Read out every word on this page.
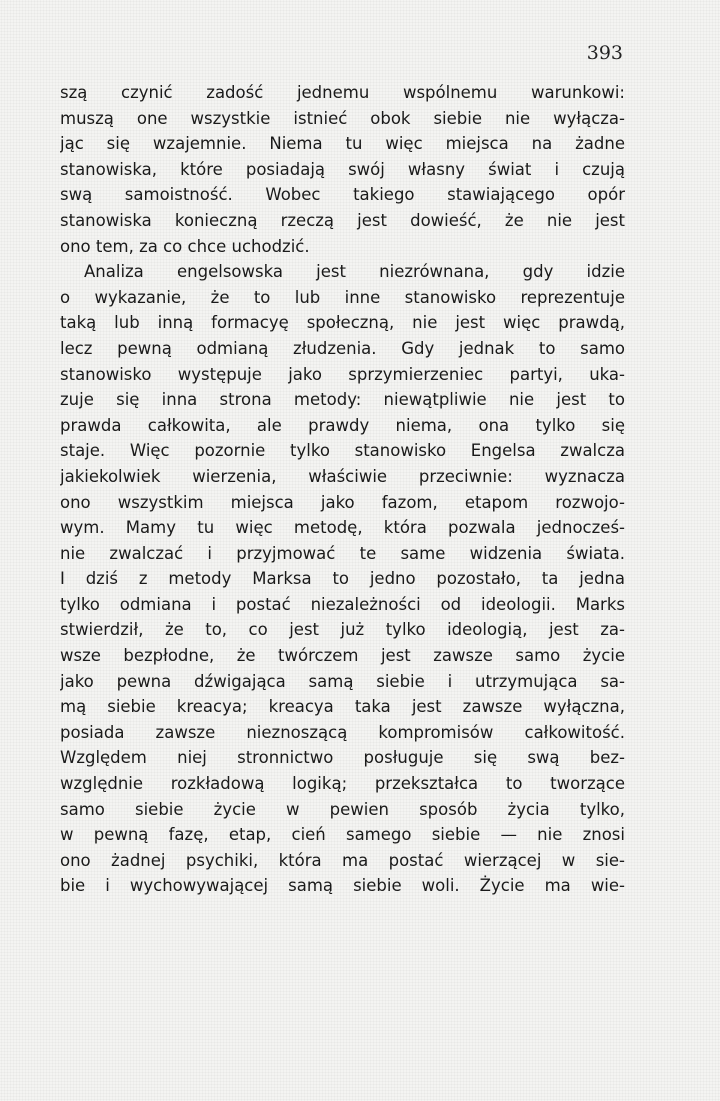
393
szą czynić zadość jednemu wspólnemu warunkowi:
muszą one wszystkie istnieć obok siebie nie wyłącza-
jąc się wzajemnie. Niema tu więc miejsca na żadne
stanowiska, które posiadają swój własny świat i czują
swą samoistność. Wobec takiego stawiającego opór
stanowiska konieczną rzeczą jest dowieść, że nie jest
ono tem, za co chce uchodzić.
Analiza engelsowska jest niezrównana, gdy idzie
o wykazanie, że to lub inne stanowisko reprezentuje
taką lub inną formacyę społeczną, nie jest więc prawdą,
lecz pewną odmianą złudzenia. Gdy jednak to samo
stanowisko występuje jako sprzymierzeniec partyi, uka-
zuje się inna strona metody: niewątpliwie nie jest to
prawda całkowita, ale prawdy niema, ona tylko się
staje. Więc pozornie tylko stanowisko Engelsa zwalcza
jakiekolwiek wierzenia, właściwie przeciwnie: wyznacza
ono wszystkim miejsca jako fazom, etapom rozwojo-
wym. Mamy tu więc metodę, która pozwala jednocześ-
nie zwalczać i przyjmować te same widzenia świata.
I dziś z metody Marksa to jedno pozostało, ta jedna
tylko odmiana i postać niezależności od ideologii. Marks
stwierdził, że to, co jest już tylko ideologią, jest za-
wsze bezpłodne, że twórczem jest zawsze samo życie
jako pewna dźwigająca samą siebie i utrzymująca sa-
mą siebie kreacya; kreacya taka jest zawsze wyłączna,
posiada zawsze nieznoszącą kompromisów całkowitość.
Względem niej stronnictwo posługuje się swą bez-
względnie rozkładową logiką; przekształca to tworzące
samo siebie życie w pewien sposób życia tylko,
w pewną fazę, etap, cień samego siebie — nie znosi
ono żadnej psychiki, która ma postać wierzącej w sie-
bie i wychowywającej samą siebie woli. Życie ma wie-
